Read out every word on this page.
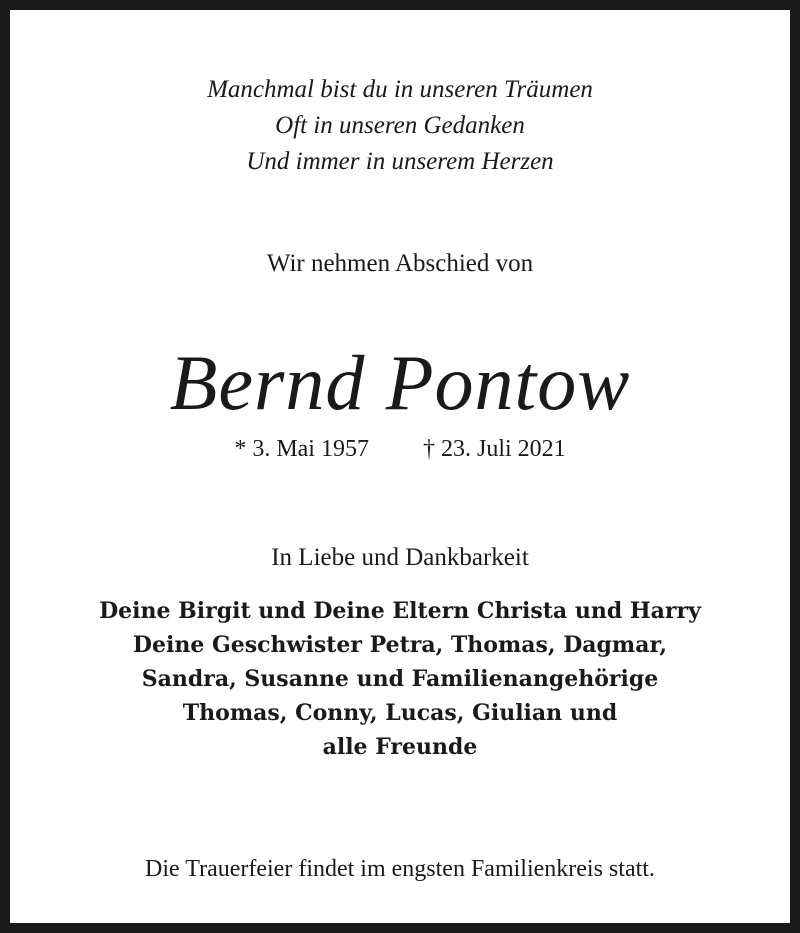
Manchmal bist du in unseren Träumen
Oft in unseren Gedanken
Und immer in unserem Herzen
Wir nehmen Abschied von
Bernd Pontow
* 3. Mai 1957 † 23. Juli 2021
In Liebe und Dankbarkeit
Deine Birgit und Deine Eltern Christa und Harry
Deine Geschwister Petra, Thomas, Dagmar,
Sandra, Susanne und Familienangehörige
Thomas, Conny, Lucas, Giulian und
alle Freunde
Die Trauerfeier findet im engsten Familienkreis statt.
